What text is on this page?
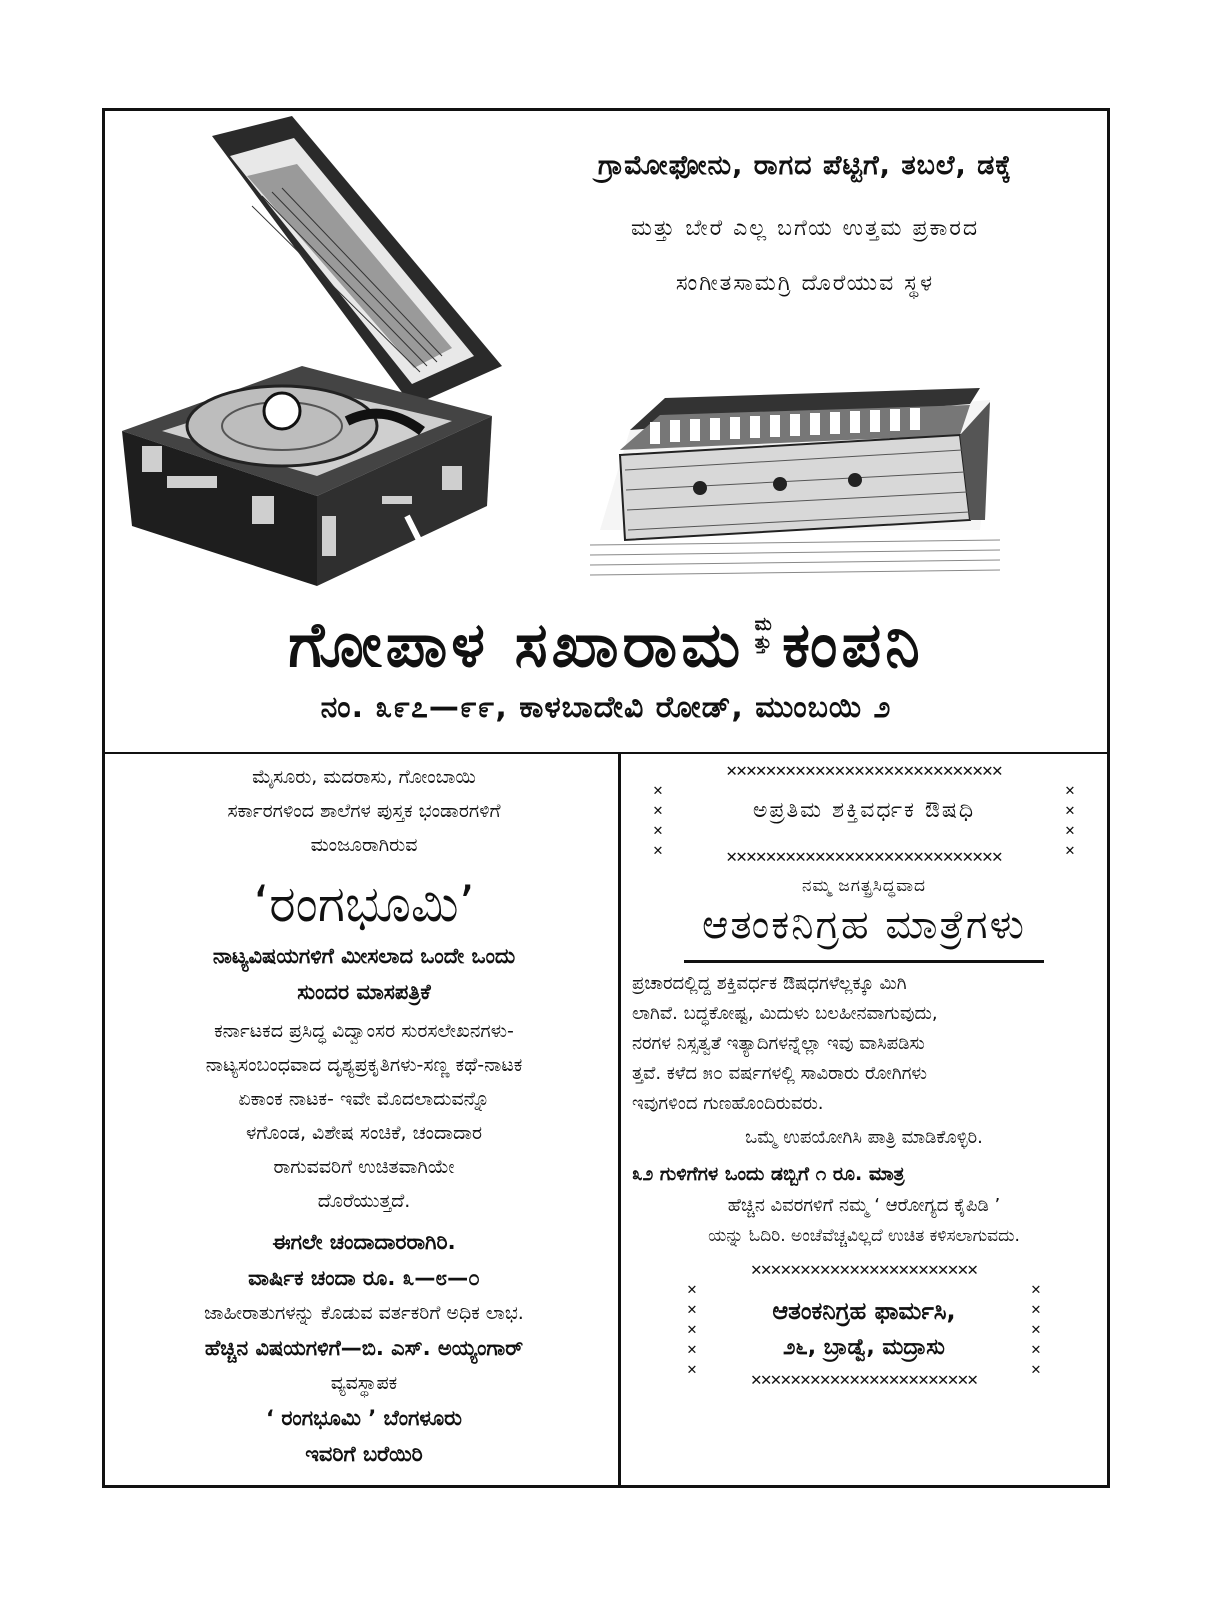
ಗ್ರಾಮೋಫೋನು, ರಾಗದ ಪೆಟ್ಟಿಗೆ, ತಬಲೆ, ಡಕ್ಕೆ
ಮತ್ತು ಬೇರೆ ಎಲ್ಲ ಬಗೆಯ ಉತ್ತಮ ಪ್ರಕಾರದ
ಸಂಗೀತಸಾಮಗ್ರಿ ದೊರೆಯುವ ಸ್ಥಳ
ಗೋಪಾಳ ಸಖಾರಾಮ ಮತ್ತು ಕಂಪನಿ
ನಂ. ೩೯೭—೯೯, ಕಾಳಬಾದೇವಿ ರೋಡ್, ಮುಂಬಯಿ ೨

ಮೈಸೂರು, ಮದರಾಸು, ಗೋಂಬಾಯಿ

ಸರ್ಕಾರಗಳಿಂದ ಶಾಲೆಗಳ ಪುಸ್ತಕ ಭಂಡಾರಗಳಿಗೆ

ಮಂಜೂರಾಗಿರುವ

‘ರಂಗಭೂಮಿ’

ನಾಟ್ಯವಿಷಯಗಳಿಗೆ ಮೀಸಲಾದ ಒಂದೇ ಒಂದು

ಸುಂದರ ಮಾಸಪತ್ರಿಕೆ

ಕರ್ನಾಟಕದ ಪ್ರಸಿದ್ಧ ವಿದ್ವಾಂಸರ ಸುರಸಲೇಖನಗಳು-

ನಾಟ್ಯಸಂಬಂಧವಾದ ದೃಶ್ಯಪ್ರಕೃತಿಗಳು-ಸಣ್ಣ ಕಥೆ-ನಾಟಕ

ಏಕಾಂಕ ನಾಟಕ- ಇವೇ ಮೊದಲಾದುವನ್ನೊ

ಳಗೊಂಡ, ವಿಶೇಷ ಸಂಚಿಕೆ, ಚಂದಾದಾರ

ರಾಗುವವರಿಗೆ ಉಚಿತವಾಗಿಯೇ

ದೊರೆಯುತ್ತದೆ.

ಈಗಲೇ ಚಂದಾದಾರರಾಗಿರಿ.

ವಾರ್ಷಿಕ ಚಂದಾ ರೂ. ೩—೮—೦

ಜಾಹೀರಾತುಗಳನ್ನು ಕೊಡುವ ವರ್ತಕರಿಗೆ ಅಧಿಕ ಲಾಭ.

ಹೆಚ್ಚಿನ ವಿಷಯಗಳಿಗೆ—ಬಿ. ಎಸ್. ಅಯ್ಯಂಗಾರ್

ವ್ಯವಸ್ಥಾಪಕ

‘ ರಂಗಭೂಮಿ ’ ಬೆಂಗಳೂರು

ಇವರಿಗೆ ಬರೆಯಿರಿ

✕✕✕✕✕✕✕✕✕✕✕✕✕✕✕✕✕✕✕✕✕✕✕✕✕✕✕✕
✕✕✕✕
✕✕✕✕
ಅಪ್ರತಿಮ ಶಕ್ತಿವರ್ಧಕ ಔಷಧಿ
✕✕✕✕✕✕✕✕✕✕✕✕✕✕✕✕✕✕✕✕✕✕✕✕✕✕✕✕
ನಮ್ಮ ಜಗತ್ಪ್ರಸಿದ್ಧವಾದ
ಆತಂಕನಿಗ್ರಹ ಮಾತ್ರೆಗಳು
ಪ್ರಚಾರದಲ್ಲಿದ್ದ ಶಕ್ತಿವರ್ಧಕ ಔಷಧಗಳೆಲ್ಲಕ್ಕೂ ಮಿಗಿ
ಲಾಗಿವೆ. ಬದ್ಧಕೋಷ್ಟ, ಮಿದುಳು ಬಲಹೀನವಾಗುವುದು,
ನರಗಳ ನಿಸ್ಸತ್ವತೆ ಇತ್ಯಾದಿಗಳನ್ನೆಲ್ಲಾ ಇವು ವಾಸಿಪಡಿಸು
ತ್ತವೆ. ಕಳೆದ ೫೦ ವರ್ಷಗಳಲ್ಲಿ ಸಾವಿರಾರು ರೋಗಿಗಳು
ಇವುಗಳಿಂದ ಗುಣಹೊಂದಿರುವರು.
ಒಮ್ಮೆ ಉಪಯೋಗಿಸಿ ಪಾತ್ರಿ ಮಾಡಿಕೊಳ್ಳಿರಿ.
೩೨ ಗುಳಿಗೆಗಳ ಒಂದು ಡಬ್ಬಿಗೆ ೧ ರೂ. ಮಾತ್ರ
ಹೆಚ್ಚಿನ ವಿವರಗಳಿಗೆ ನಮ್ಮ ‘ ಆರೋಗ್ಯದ ಕೈಪಿಡಿ ’
ಯನ್ನು ಓದಿರಿ. ಅಂಚೆವೆಚ್ಚವಿಲ್ಲದೆ ಉಚಿತ ಕಳಿಸಲಾಗುವದು.
✕✕✕✕✕✕✕✕✕✕✕✕✕✕✕✕✕✕✕✕✕✕✕
✕✕✕✕✕
✕✕✕✕✕
ಆತಂಕನಿಗ್ರಹ ಫಾರ್ಮಸಿ,
೨೬, ಬ್ರಾಡ್ವೆ, ಮದ್ರಾಸು
✕✕✕✕✕✕✕✕✕✕✕✕✕✕✕✕✕✕✕✕✕✕✕
